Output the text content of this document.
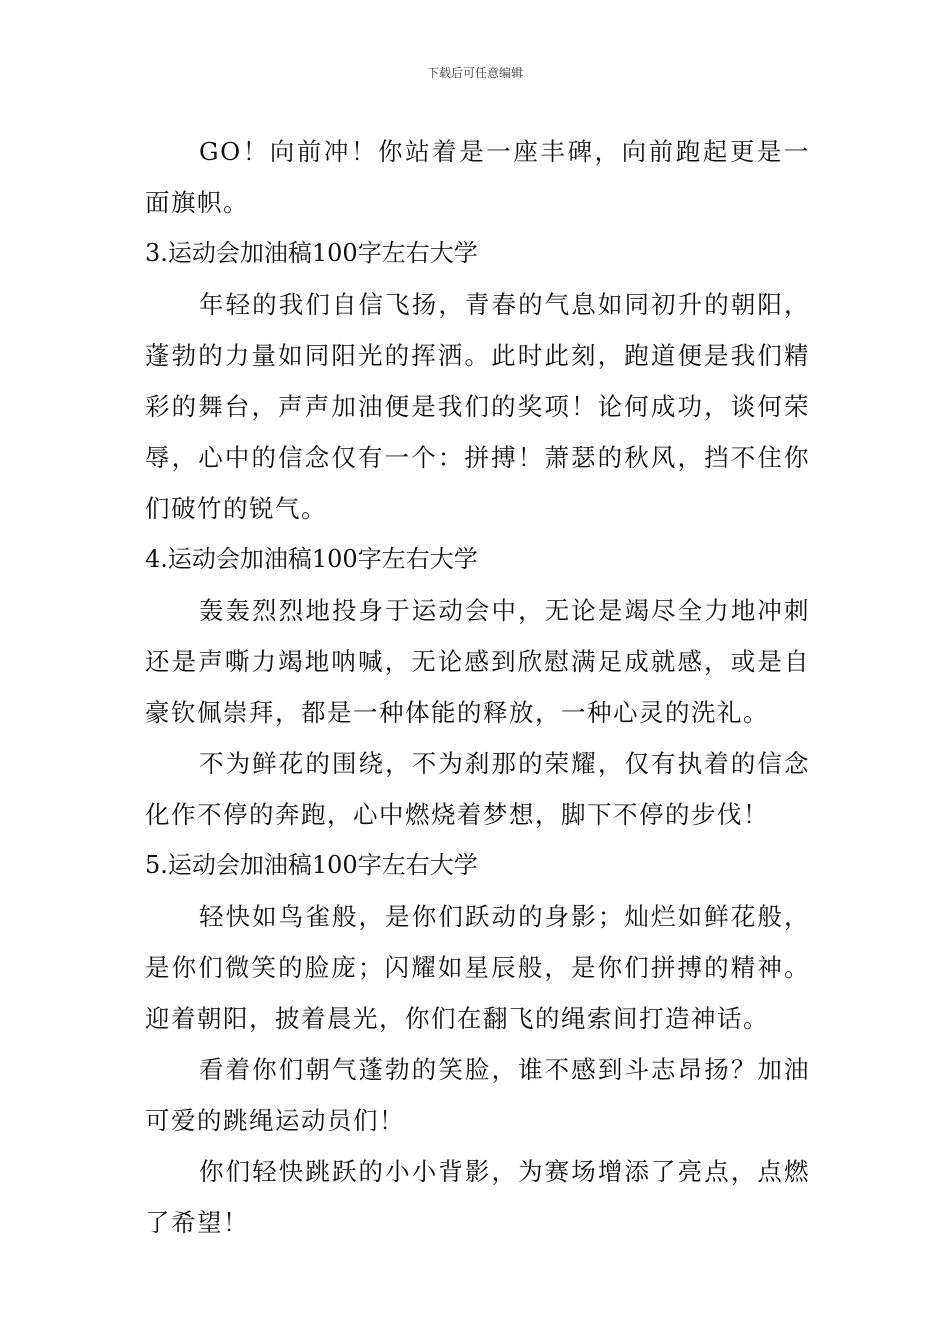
下载后可任意编辑

GO！向前冲！你站着是一座丰碑，向前跑起更是一面旗帜。

3.运动会加油稿100字左右大学

年轻的我们自信飞扬，青春的气息如同初升的朝阳，蓬勃的力量如同阳光的挥洒。此时此刻，跑道便是我们精彩的舞台，声声加油便是我们的奖项！论何成功，谈何荣辱，心中的信念仅有一个：拼搏！萧瑟的秋风，挡不住你们破竹的锐气。

4.运动会加油稿100字左右大学

轰轰烈烈地投身于运动会中，无论是竭尽全力地冲刺还是声嘶力竭地呐喊，无论感到欣慰满足成就感，或是自豪钦佩崇拜，都是一种体能的释放，一种心灵的洗礼。

不为鲜花的围绕，不为刹那的荣耀，仅有执着的信念化作不停的奔跑，心中燃烧着梦想，脚下不停的步伐！

5.运动会加油稿100字左右大学

轻快如鸟雀般，是你们跃动的身影；灿烂如鲜花般，是你们微笑的脸庞；闪耀如星辰般，是你们拼搏的精神。迎着朝阳，披着晨光，你们在翻飞的绳索间打造神话。

看着你们朝气蓬勃的笑脸，谁不感到斗志昂扬？加油可爱的跳绳运动员们！

你们轻快跳跃的小小背影，为赛场增添了亮点，点燃了希望！
